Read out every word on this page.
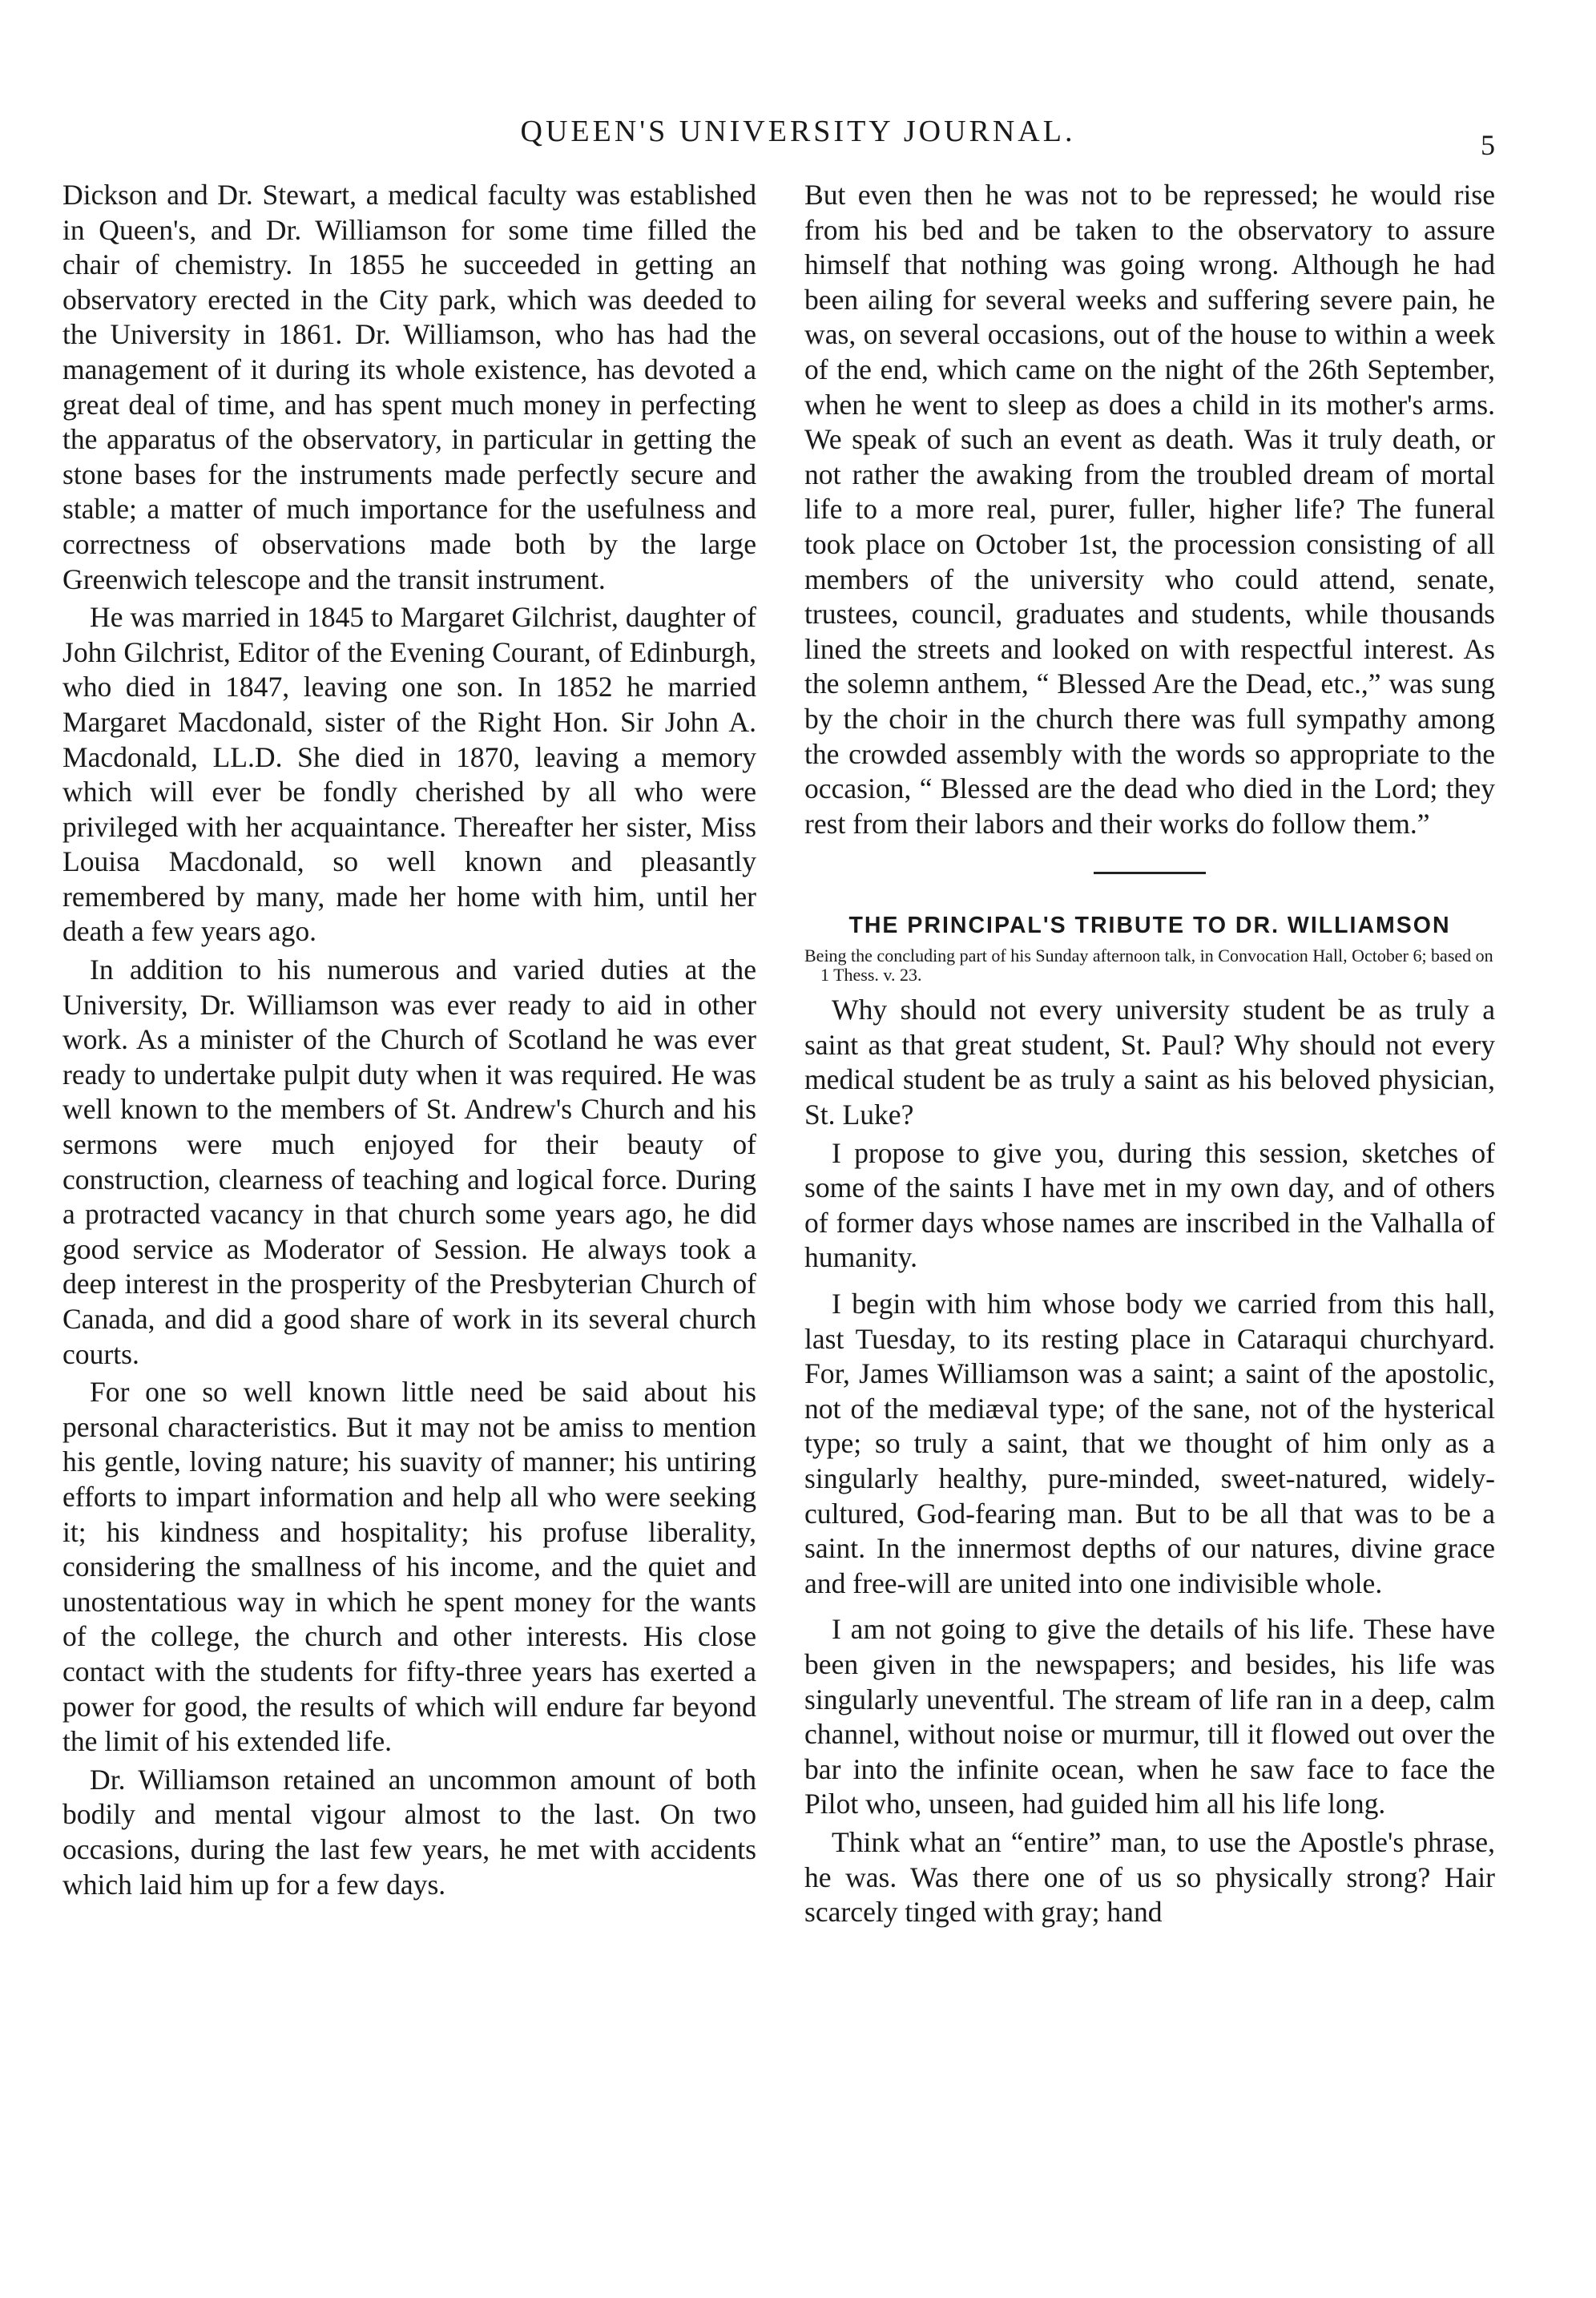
QUEEN'S UNIVERSITY JOURNAL.	5

Dickson and Dr. Stewart, a medical faculty was established in Queen's, and Dr. Williamson for some time filled the chair of chemistry. In 1855 he succeeded in getting an observatory erected in the City park, which was deeded to the University in 1861. Dr. Williamson, who has had the management of it during its whole existence, has devoted a great deal of time, and has spent much money in perfecting the apparatus of the observatory, in particular in getting the stone bases for the instruments made perfectly secure and stable; a matter of much importance for the usefulness and correctness of observations made both by the large Greenwich telescope and the transit instrument.

He was married in 1845 to Margaret Gilchrist, daughter of John Gilchrist, Editor of the Evening Courant, of Edinburgh, who died in 1847, leaving one son. In 1852 he married Margaret Macdonald, sister of the Right Hon. Sir John A. Macdonald, LL.D. She died in 1870, leaving a memory which will ever be fondly cherished by all who were privileged with her acquaintance. Thereafter her sister, Miss Louisa Macdonald, so well known and pleasantly remembered by many, made her home with him, until her death a few years ago.

In addition to his numerous and varied duties at the University, Dr. Williamson was ever ready to aid in other work. As a minister of the Church of Scotland he was ever ready to undertake pulpit duty when it was required. He was well known to the members of St. Andrew's Church and his sermons were much enjoyed for their beauty of construction, clearness of teaching and logical force. During a protracted vacancy in that church some years ago, he did good service as Moderator of Session. He always took a deep interest in the prosperity of the Presbyterian Church of Canada, and did a good share of work in its several church courts.

For one so well known little need be said about his personal characteristics. But it may not be amiss to mention his gentle, loving nature; his suavity of manner; his untiring efforts to impart information and help all who were seeking it; his kindness and hospitality; his profuse liberality, considering the smallness of his income, and the quiet and unostentatious way in which he spent money for the wants of the college, the church and other interests. His close contact with the students for fifty-three years has exerted a power for good, the results of which will endure far beyond the limit of his extended life.

Dr. Williamson retained an uncommon amount of both bodily and mental vigour almost to the last. On two occasions, during the last few years, he met with accidents which laid him up for a few days.

But even then he was not to be repressed; he would rise from his bed and be taken to the observatory to assure himself that nothing was going wrong. Although he had been ailing for several weeks and suffering severe pain, he was, on several occasions, out of the house to within a week of the end, which came on the night of the 26th September, when he went to sleep as does a child in its mother's arms. We speak of such an event as death. Was it truly death, or not rather the awaking from the troubled dream of mortal life to a more real, purer, fuller, higher life? The funeral took place on October 1st, the procession consisting of all members of the university who could attend, senate, trustees, council, graduates and students, while thousands lined the streets and looked on with respectful interest. As the solemn anthem, “ Blessed Are the Dead, etc.,” was sung by the choir in the church there was full sympathy among the crowded assembly with the words so appropriate to the occasion, “ Blessed are the dead who died in the Lord; they rest from their labors and their works do follow them.”

THE PRINCIPAL'S TRIBUTE TO DR. WILLIAMSON
Being the concluding part of his Sunday afternoon talk, in Convocation Hall, October 6; based on 1 Thess. v. 23.

Why should not every university student be as truly a saint as that great student, St. Paul? Why should not every medical student be as truly a saint as his beloved physician, St. Luke?

I propose to give you, during this session, sketches of some of the saints I have met in my own day, and of others of former days whose names are inscribed in the Valhalla of humanity.

I begin with him whose body we carried from this hall, last Tuesday, to its resting place in Cataraqui churchyard. For, James Williamson was a saint; a saint of the apostolic, not of the mediæval type; of the sane, not of the hysterical type; so truly a saint, that we thought of him only as a singularly healthy, pure-minded, sweet-natured, widely-cultured, God-fearing man. But to be all that was to be a saint. In the innermost depths of our natures, divine grace and free-will are united into one indivisible whole.

I am not going to give the details of his life. These have been given in the newspapers; and besides, his life was singularly uneventful. The stream of life ran in a deep, calm channel, without noise or murmur, till it flowed out over the bar into the infinite ocean, when he saw face to face the Pilot who, unseen, had guided him all his life long.

Think what an “entire” man, to use the Apostle's phrase, he was. Was there one of us so physically strong? Hair scarcely tinged with gray; hand
